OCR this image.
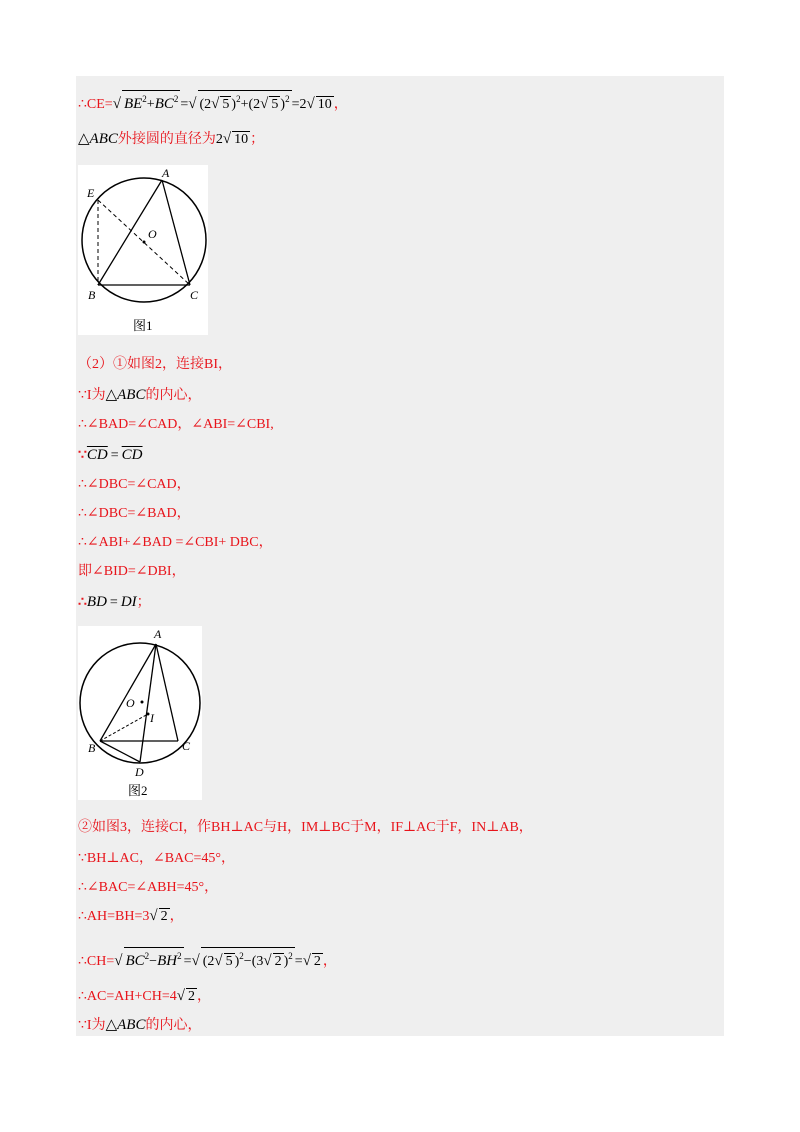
∴CE=√ $BE^2+BC^2$ =√ (2√ 5 )$^2$+(2√ 5 )$^2$ =2√ 10 ，
△ABC外接圆的直径为2√ 10 ；
A
E
O
B	C
图1
（2）①如图2，连接BI，
∵I为△ABC的内心，
∴∠BAD=∠CAD，∠ABI=∠CBI,
$\because\overline{CD} = \overline{CD}$
∴∠DBC=∠CAD，
∴∠DBC=∠BAD，
∴∠ABI+∠BAD =∠CBI+ DBC，
即∠BID=∠DBI，
∴BD = DI；
A
O
I
B	C
D
图2
②如图3，连接CI，作BH⊥AC与H，IM⊥BC于M，IF⊥AC于F，IN⊥AB，
∵BH⊥AC，∠BAC=45°，
∴∠BAC=∠ABH=45°，
∴AH=BH=3√ 2 ，
∴CH=√ $BC^2-BH^2$ =√ (2√ 5 )$^2$−(3√ 2 )$^2$ =√ 2 ，
∴AC=AH+CH=4√ 2 ，
∵I为△ABC的内心，
